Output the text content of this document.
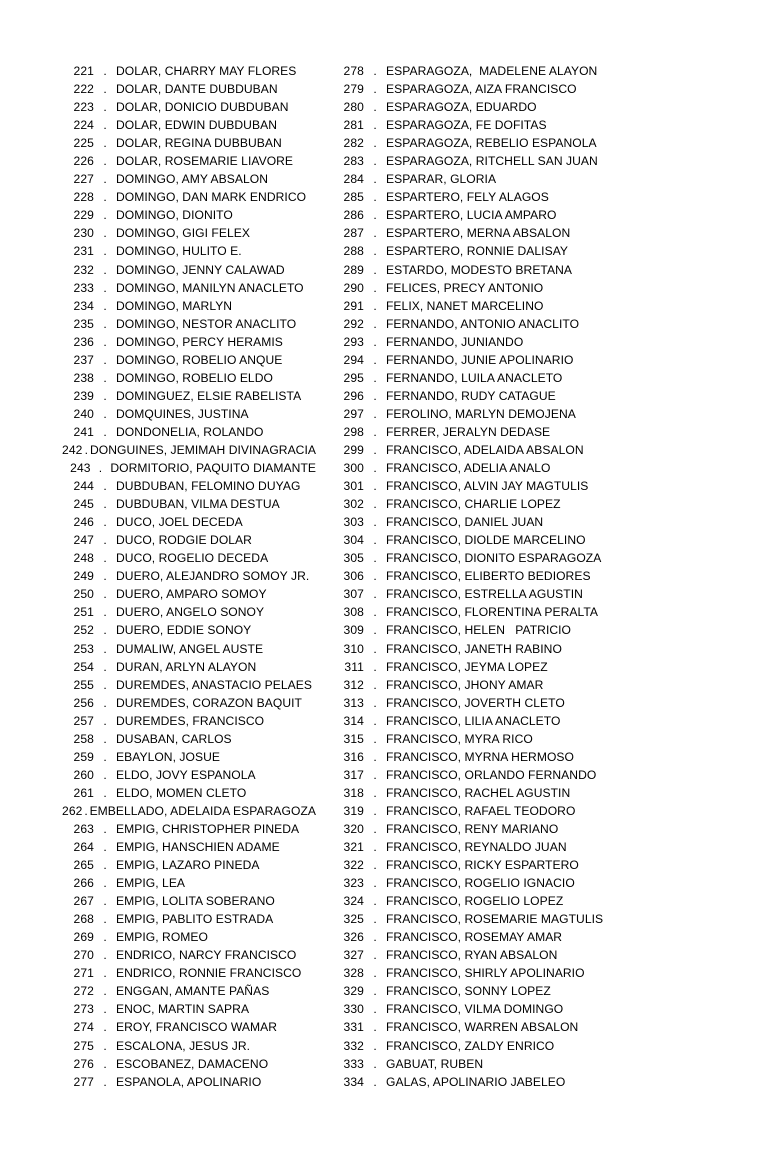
221 . DOLAR, CHARRY MAY FLORES
222 . DOLAR, DANTE DUBDUBAN
223 . DOLAR, DONICIO DUBDUBAN
224 . DOLAR, EDWIN DUBDUBAN
225 . DOLAR, REGINA DUBBUBAN
226 . DOLAR, ROSEMARIE LIAVORE
227 . DOMINGO, AMY ABSALON
228 . DOMINGO, DAN MARK ENDRICO
229 . DOMINGO, DIONITO
230 . DOMINGO, GIGI FELEX
231 . DOMINGO, HULITO E.
232 . DOMINGO, JENNY CALAWAD
233 . DOMINGO, MANILYN ANACLETO
234 . DOMINGO, MARLYN
235 . DOMINGO, NESTOR ANACLITO
236 . DOMINGO, PERCY HERAMIS
237 . DOMINGO, ROBELIO ANQUE
238 . DOMINGO, ROBELIO ELDO
239 . DOMINGUEZ, ELSIE RABELISTA
240 . DOMQUINES, JUSTINA
241 . DONDONELIA, ROLANDO
242 . DONGUINES, JEMIMAH DIVINAGRACIA
243 . DORMITORIO, PAQUITO DIAMANTE
244 . DUBDUBAN, FELOMINO DUYAG
245 . DUBDUBAN, VILMA DESTUA
246 . DUCO, JOEL DECEDA
247 . DUCO, RODGIE DOLAR
248 . DUCO, ROGELIO DECEDA
249 . DUERO, ALEJANDRO SOMOY JR.
250 . DUERO, AMPARO SOMOY
251 . DUERO, ANGELO SONOY
252 . DUERO, EDDIE SONOY
253 . DUMALIW, ANGEL AUSTE
254 . DURAN, ARLYN ALAYON
255 . DUREMDES, ANASTACIO PELAES
256 . DUREMDES, CORAZON BAQUIT
257 . DUREMDES, FRANCISCO
258 . DUSABAN, CARLOS
259 . EBAYLON, JOSUE
260 . ELDO, JOVY ESPANOLA
261 . ELDO, MOMEN CLETO
262 . EMBELLADO, ADELAIDA ESPARAGOZA
263 . EMPIG, CHRISTOPHER PINEDA
264 . EMPIG, HANSCHIEN ADAME
265 . EMPIG, LAZARO PINEDA
266 . EMPIG, LEA
267 . EMPIG, LOLITA SOBERANO
268 . EMPIG, PABLITO ESTRADA
269 . EMPIG, ROMEO
270 . ENDRICO, NARCY FRANCISCO
271 . ENDRICO, RONNIE FRANCISCO
272 . ENGGAN, AMANTE PAÑAS
273 . ENOC, MARTIN SAPRA
274 . EROY, FRANCISCO WAMAR
275 . ESCALONA, JESUS JR.
276 . ESCOBANEZ, DAMACENO
277 . ESPANOLA, APOLINARIO
278 . ESPARAGOZA,  MADELENE ALAYON
279 . ESPARAGOZA, AIZA FRANCISCO
280 . ESPARAGOZA, EDUARDO
281 . ESPARAGOZA, FE DOFITAS
282 . ESPARAGOZA, REBELIO ESPANOLA
283 . ESPARAGOZA, RITCHELL SAN JUAN
284 . ESPARAR, GLORIA
285 . ESPARTERO, FELY ALAGOS
286 . ESPARTERO, LUCIA AMPARO
287 . ESPARTERO, MERNA ABSALON
288 . ESPARTERO, RONNIE DALISAY
289 . ESTARDO, MODESTO BRETANA
290 . FELICES, PRECY ANTONIO
291 . FELIX, NANET MARCELINO
292 . FERNANDO, ANTONIO ANACLITO
293 . FERNANDO, JUNIANDO
294 . FERNANDO, JUNIE APOLINARIO
295 . FERNANDO, LUILA ANACLETO
296 . FERNANDO, RUDY CATAGUE
297 . FEROLINO, MARLYN DEMOJENA
298 . FERRER, JERALYN DEDASE
299 . FRANCISCO, ADELAIDA ABSALON
300 . FRANCISCO, ADELIA ANALO
301 . FRANCISCO, ALVIN JAY MAGTULIS
302 . FRANCISCO, CHARLIE LOPEZ
303 . FRANCISCO, DANIEL JUAN
304 . FRANCISCO, DIOLDE MARCELINO
305 . FRANCISCO, DIONITO ESPARAGOZA
306 . FRANCISCO, ELIBERTO BEDIORES
307 . FRANCISCO, ESTRELLA AGUSTIN
308 . FRANCISCO, FLORENTINA PERALTA
309 . FRANCISCO, HELEN   PATRICIO
310 . FRANCISCO, JANETH RABINO
311 . FRANCISCO, JEYMA LOPEZ
312 . FRANCISCO, JHONY AMAR
313 . FRANCISCO, JOVERTH CLETO
314 . FRANCISCO, LILIA ANACLETO
315 . FRANCISCO, MYRA RICO
316 . FRANCISCO, MYRNA HERMOSO
317 . FRANCISCO, ORLANDO FERNANDO
318 . FRANCISCO, RACHEL AGUSTIN
319 . FRANCISCO, RAFAEL TEODORO
320 . FRANCISCO, RENY MARIANO
321 . FRANCISCO, REYNALDO JUAN
322 . FRANCISCO, RICKY ESPARTERO
323 . FRANCISCO, ROGELIO IGNACIO
324 . FRANCISCO, ROGELIO LOPEZ
325 . FRANCISCO, ROSEMARIE MAGTULIS
326 . FRANCISCO, ROSEMAY AMAR
327 . FRANCISCO, RYAN ABSALON
328 . FRANCISCO, SHIRLY APOLINARIO
329 . FRANCISCO, SONNY LOPEZ
330 . FRANCISCO, VILMA DOMINGO
331 . FRANCISCO, WARREN ABSALON
332 . FRANCISCO, ZALDY ENRICO
333 . GABUAT, RUBEN
334 . GALAS, APOLINARIO JABELEO
